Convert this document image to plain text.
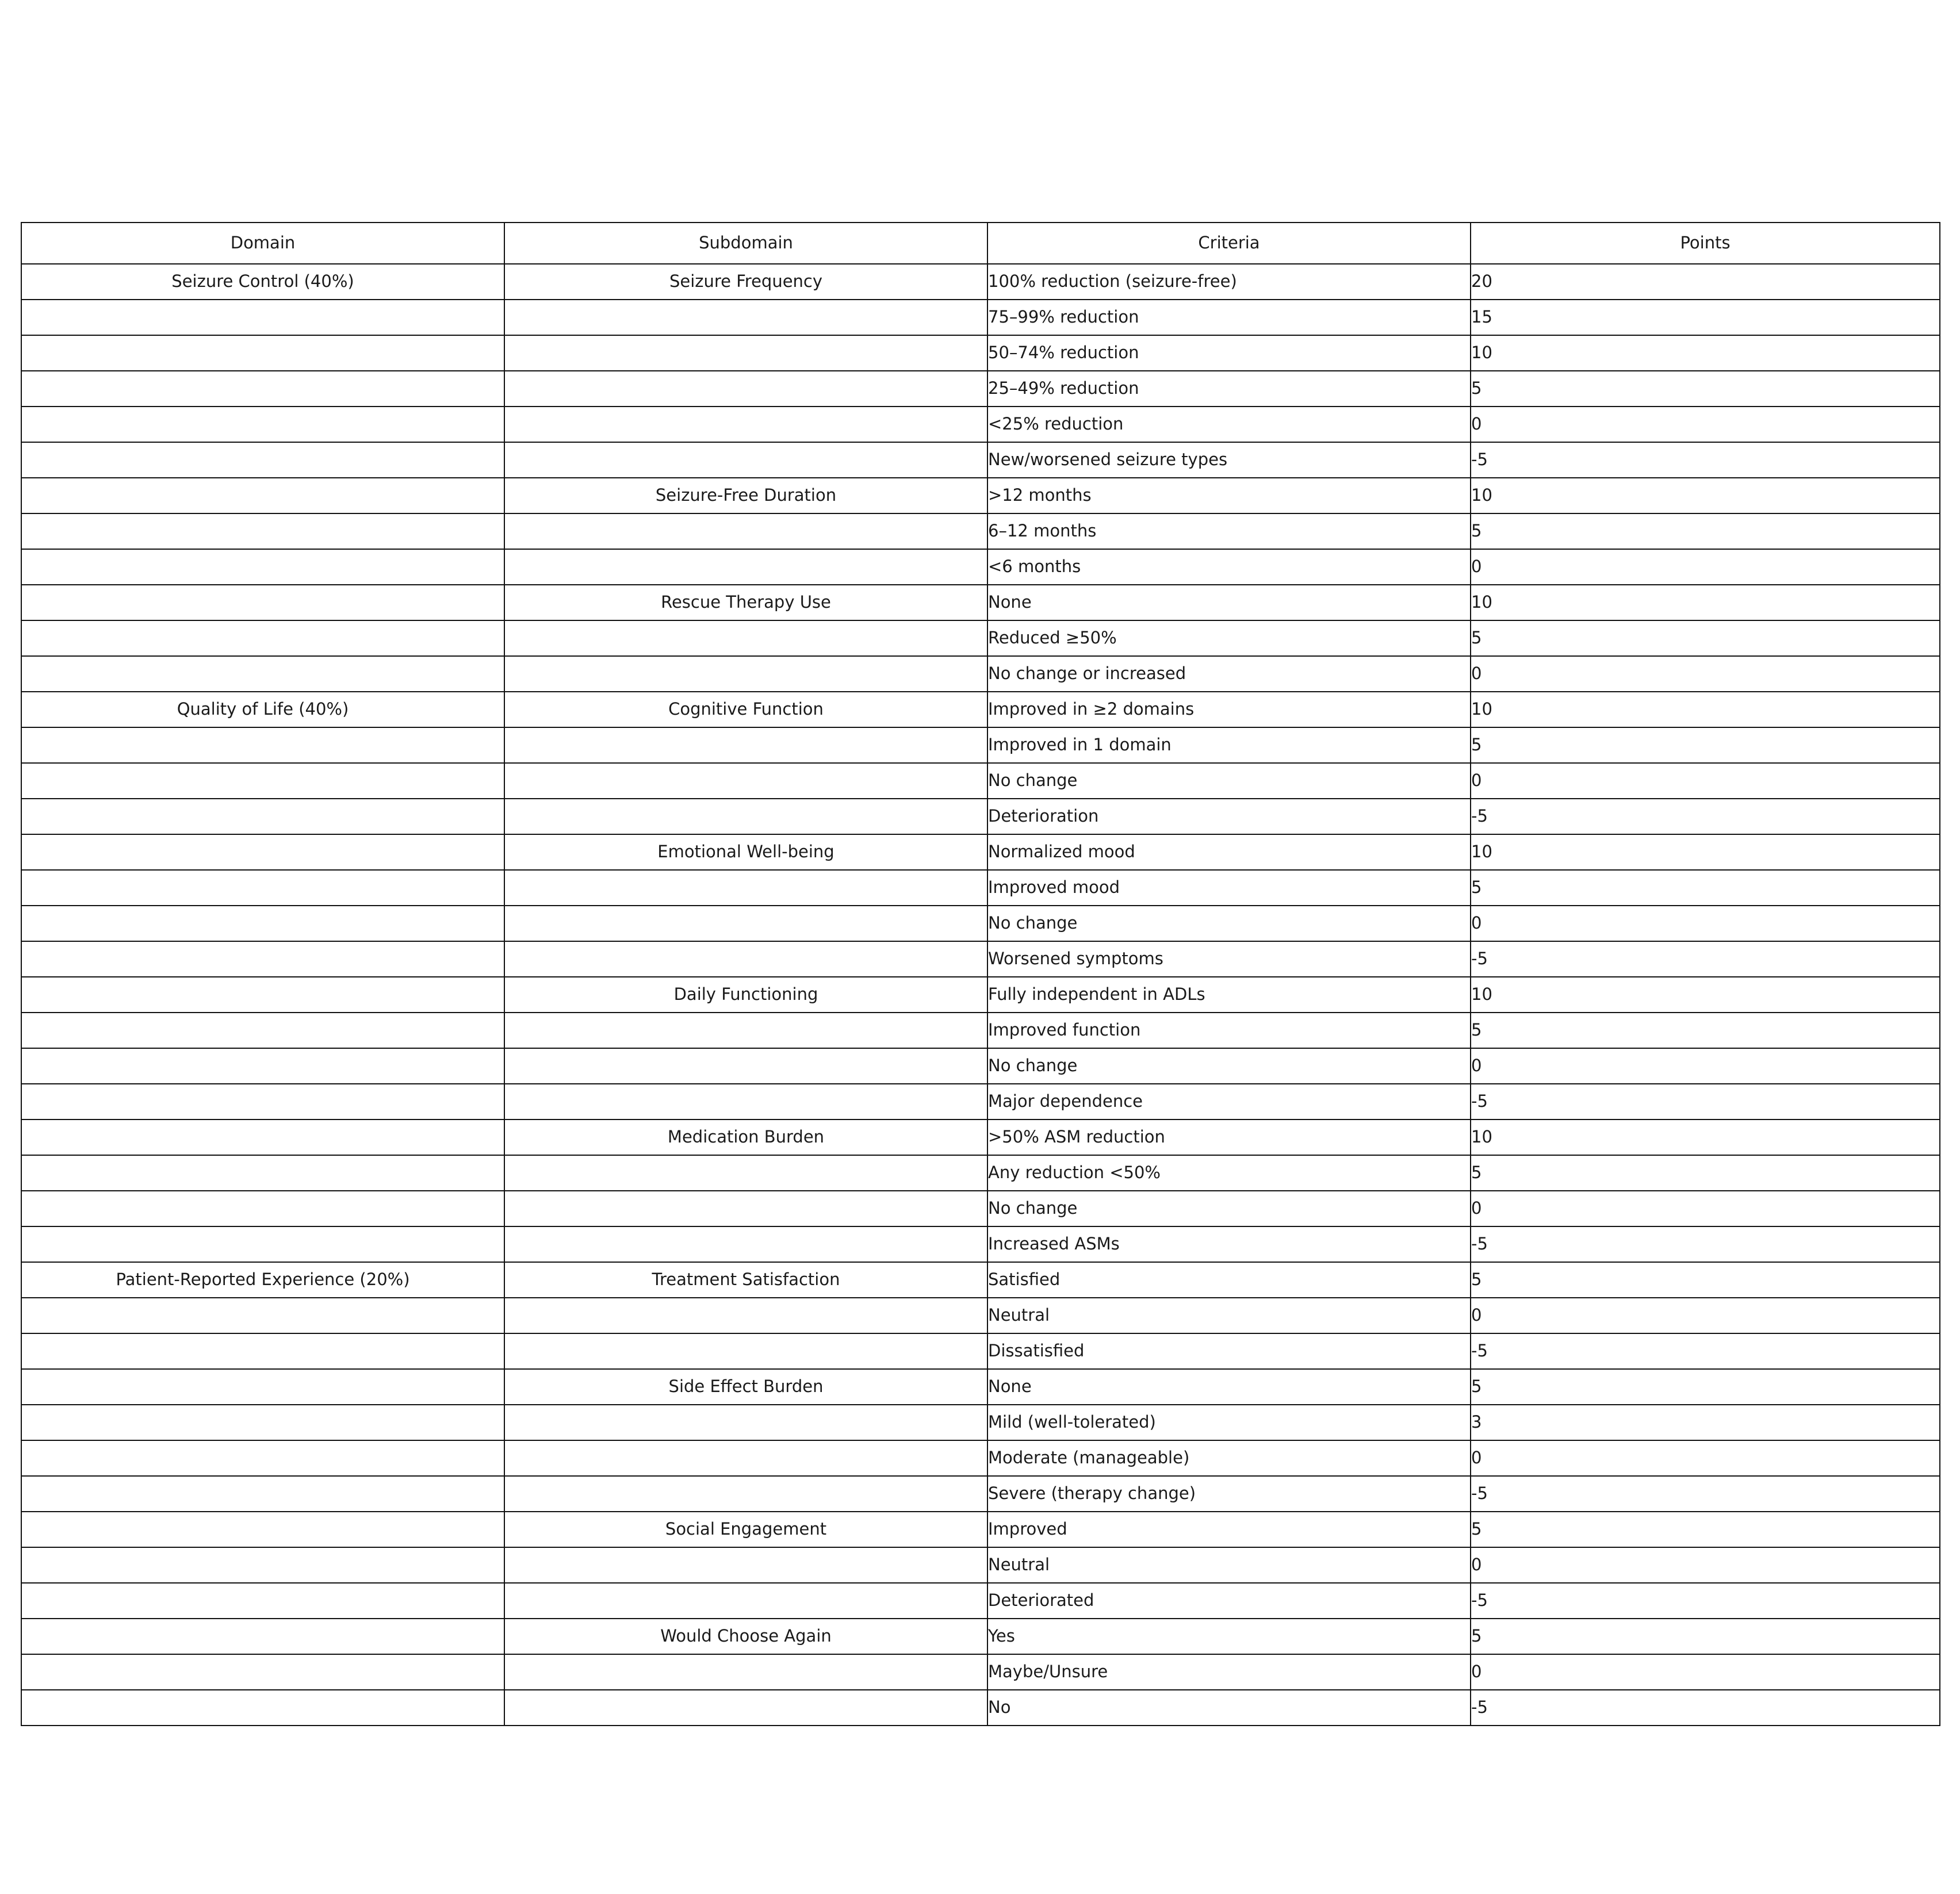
Domain	Subdomain	Criteria	Points
Seizure Control (40%)	Seizure Frequency	100% reduction (seizure-free)	20
		75–99% reduction	15
		50–74% reduction	10
		25–49% reduction	5
		<25% reduction	0
		New/worsened seizure types	-5
	Seizure-Free Duration	>12 months	10
		6–12 months	5
		<6 months	0
	Rescue Therapy Use	None	10
		Reduced ≥50%	5
		No change or increased	0
Quality of Life (40%)	Cognitive Function	Improved in ≥2 domains	10
		Improved in 1 domain	5
		No change	0
		Deterioration	-5
	Emotional Well-being	Normalized mood	10
		Improved mood	5
		No change	0
		Worsened symptoms	-5
	Daily Functioning	Fully independent in ADLs	10
		Improved function	5
		No change	0
		Major dependence	-5
	Medication Burden	>50% ASM reduction	10
		Any reduction <50%	5
		No change	0
		Increased ASMs	-5
Patient-Reported Experience (20%)	Treatment Satisfaction	Satisfied	5
		Neutral	0
		Dissatisfied	-5
	Side Effect Burden	None	5
		Mild (well-tolerated)	3
		Moderate (manageable)	0
		Severe (therapy change)	-5
	Social Engagement	Improved	5
		Neutral	0
		Deteriorated	-5
	Would Choose Again	Yes	5
		Maybe/Unsure	0
		No	-5
